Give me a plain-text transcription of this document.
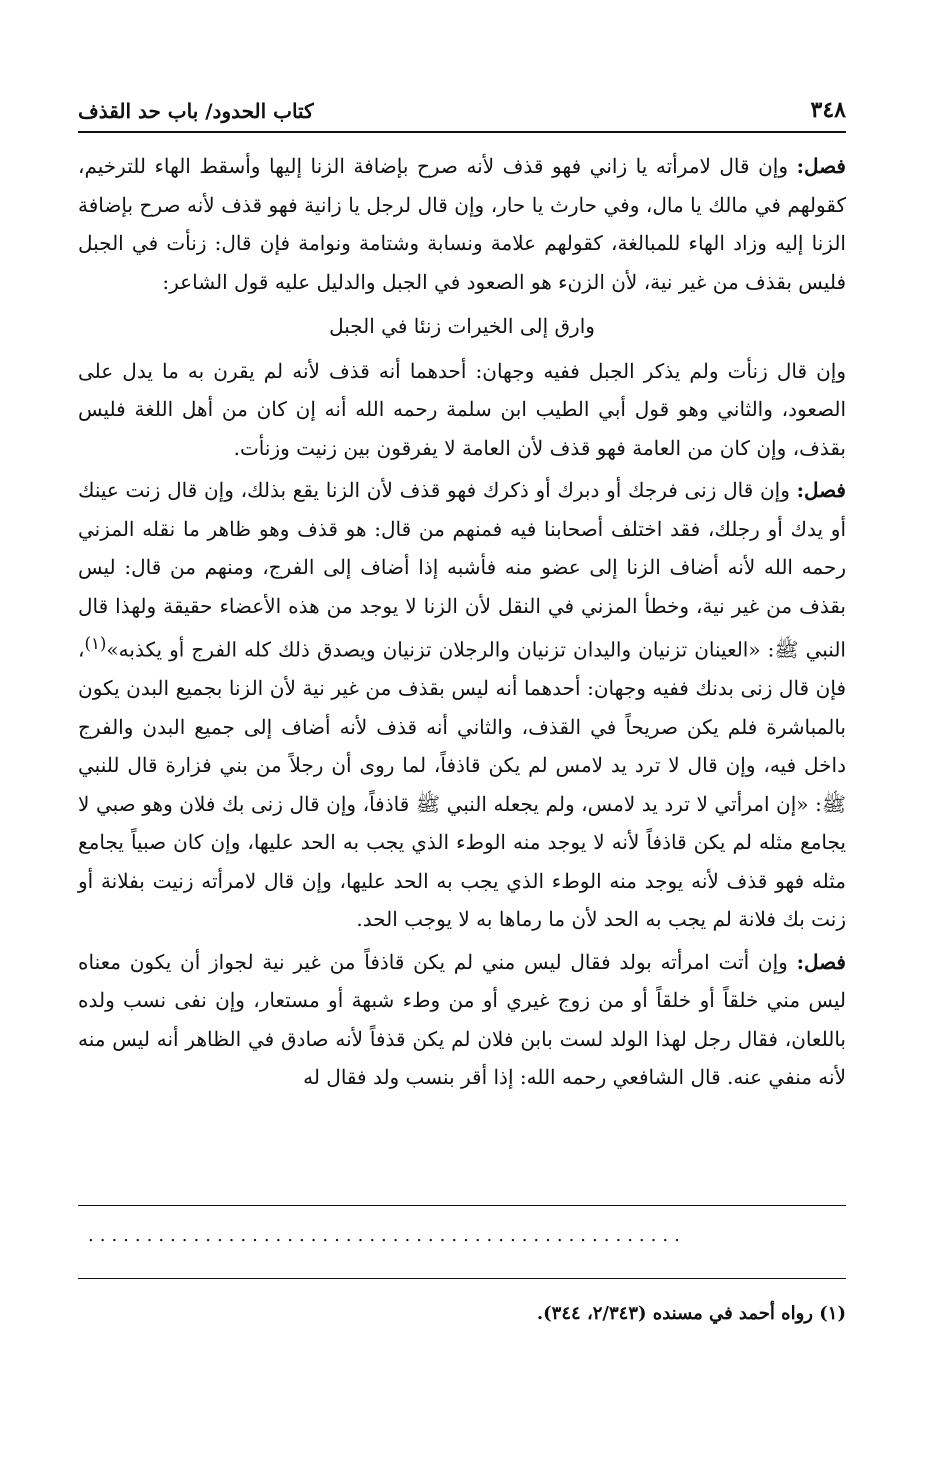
٣٤٨
كتاب الحدود/ باب حد القذف

فصل: وإن قال لامرأته يا زاني فهو قذف لأنه صرح بإضافة الزنا إليها وأسقط الهاء للترخيم، كقولهم في مالك يا مال، وفي حارث يا حار، وإن قال لرجل يا زانية فهو قذف لأنه صرح بإضافة الزنا إليه وزاد الهاء للمبالغة، كقولهم علامة ونسابة وشتامة ونوامة فإن قال: زنأت في الجبل فليس بقذف من غير نية، لأن الزنء هو الصعود في الجبل والدليل عليه قول الشاعر:

وارق إلى الخيرات زنئا في الجبل

وإن قال زنأت ولم يذكر الجبل ففيه وجهان: أحدهما أنه قذف لأنه لم يقرن به ما يدل على الصعود، والثاني وهو قول أبي الطيب ابن سلمة رحمه الله أنه إن كان من أهل اللغة فليس بقذف، وإن كان من العامة فهو قذف لأن العامة لا يفرقون بين زنيت وزنأت.

فصل: وإن قال زنى فرجك أو دبرك أو ذكرك فهو قذف لأن الزنا يقع بذلك، وإن قال زنت عينك أو يدك أو رجلك، فقد اختلف أصحابنا فيه فمنهم من قال: هو قذف وهو ظاهر ما نقله المزني رحمه الله لأنه أضاف الزنا إلى عضو منه فأشبه إذا أضاف إلى الفرج، ومنهم من قال: ليس بقذف من غير نية، وخطأ المزني في النقل لأن الزنا لا يوجد من هذه الأعضاء حقيقة ولهذا قال النبي ﷺ: «العينان تزنيان واليدان تزنيان والرجلان تزنيان ويصدق ذلك كله الفرج أو يكذبه»$^{(١)}$، فإن قال زنى بدنك ففيه وجهان: أحدهما أنه ليس بقذف من غير نية لأن الزنا بجميع البدن يكون بالمباشرة فلم يكن صريحاً في القذف، والثاني أنه قذف لأنه أضاف إلى جميع البدن والفرج داخل فيه، وإن قال لا ترد يد لامس لم يكن قاذفاً، لما روى أن رجلاً من بني فزارة قال للنبي ﷺ: «إن امرأتي لا ترد يد لامس، ولم يجعله النبي ﷺ قاذفاً، وإن قال زنى بك فلان وهو صبي لا يجامع مثله لم يكن قاذفاً لأنه لا يوجد منه الوطء الذي يجب به الحد عليها، وإن كان صبياً يجامع مثله فهو قذف لأنه يوجد منه الوطء الذي يجب به الحد عليها، وإن قال لامرأته زنيت بفلانة أو زنت بك فلانة لم يجب به الحد لأن ما رماها به لا يوجب الحد.

فصل: وإن أتت امرأته بولد فقال ليس مني لم يكن قاذفاً من غير نية لجواز أن يكون معناه ليس مني خلقاً أو خلقاً أو من زوج غيري أو من وطء شبهة أو مستعار، وإن نفى نسب ولده باللعان، فقال رجل لهذا الولد لست بابن فلان لم يكن قذفاً لأنه صادق في الظاهر أنه ليس منه لأنه منفي عنه. قال الشافعي رحمه الله: إذا أقر بنسب ولد فقال له

...................................................
(١) رواه أحمد في مسنده (٢/٣٤٣، ٣٤٤).
